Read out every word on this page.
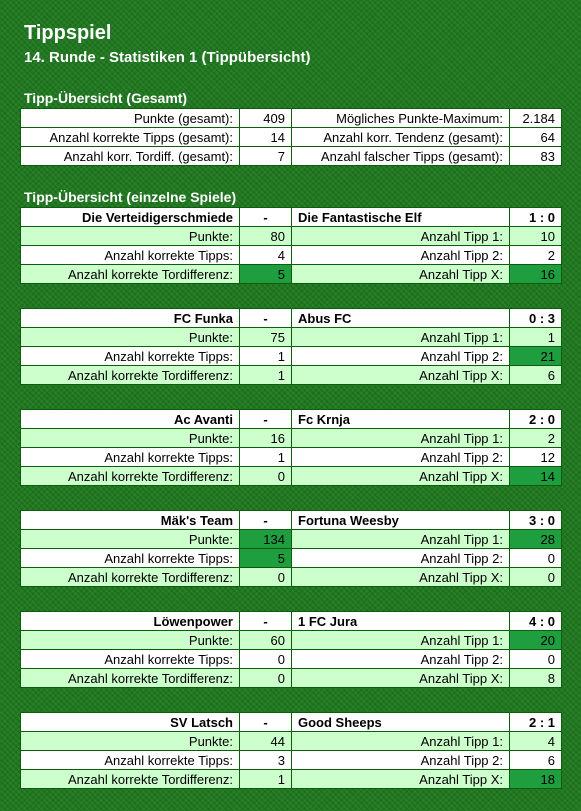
Tippspiel
14. Runde - Statistiken 1 (Tippübersicht)
Tipp-Übersicht (Gesamt)
Punkte (gesamt):	409	Mögliches Punkte-Maximum:	2.184
Anzahl korrekte Tipps (gesamt):	14	Anzahl korr. Tendenz (gesamt):	64
Anzahl korr. Tordiff. (gesamt):	7	Anzahl falscher Tipps (gesamt):	83
Tipp-Übersicht (einzelne Spiele)
Die Verteidigerschmiede	-	Die Fantastische Elf	1 : 0
Punkte:	80	Anzahl Tipp 1:	10
Anzahl korrekte Tipps:	4	Anzahl Tipp 2:	2
Anzahl korrekte Tordifferenz:	5	Anzahl Tipp X:	16
FC Funka	-	Abus FC	0 : 3
Punkte:	75	Anzahl Tipp 1:	1
Anzahl korrekte Tipps:	1	Anzahl Tipp 2:	21
Anzahl korrekte Tordifferenz:	1	Anzahl Tipp X:	6
Ac Avanti	-	Fc Krnja	2 : 0
Punkte:	16	Anzahl Tipp 1:	2
Anzahl korrekte Tipps:	1	Anzahl Tipp 2:	12
Anzahl korrekte Tordifferenz:	0	Anzahl Tipp X:	14
Mäk's Team	-	Fortuna Weesby	3 : 0
Punkte:	134	Anzahl Tipp 1:	28
Anzahl korrekte Tipps:	5	Anzahl Tipp 2:	0
Anzahl korrekte Tordifferenz:	0	Anzahl Tipp X:	0
Löwenpower	-	1 FC Jura	4 : 0
Punkte:	60	Anzahl Tipp 1:	20
Anzahl korrekte Tipps:	0	Anzahl Tipp 2:	0
Anzahl korrekte Tordifferenz:	0	Anzahl Tipp X:	8
SV Latsch	-	Good Sheeps	2 : 1
Punkte:	44	Anzahl Tipp 1:	4
Anzahl korrekte Tipps:	3	Anzahl Tipp 2:	6
Anzahl korrekte Tordifferenz:	1	Anzahl Tipp X:	18
